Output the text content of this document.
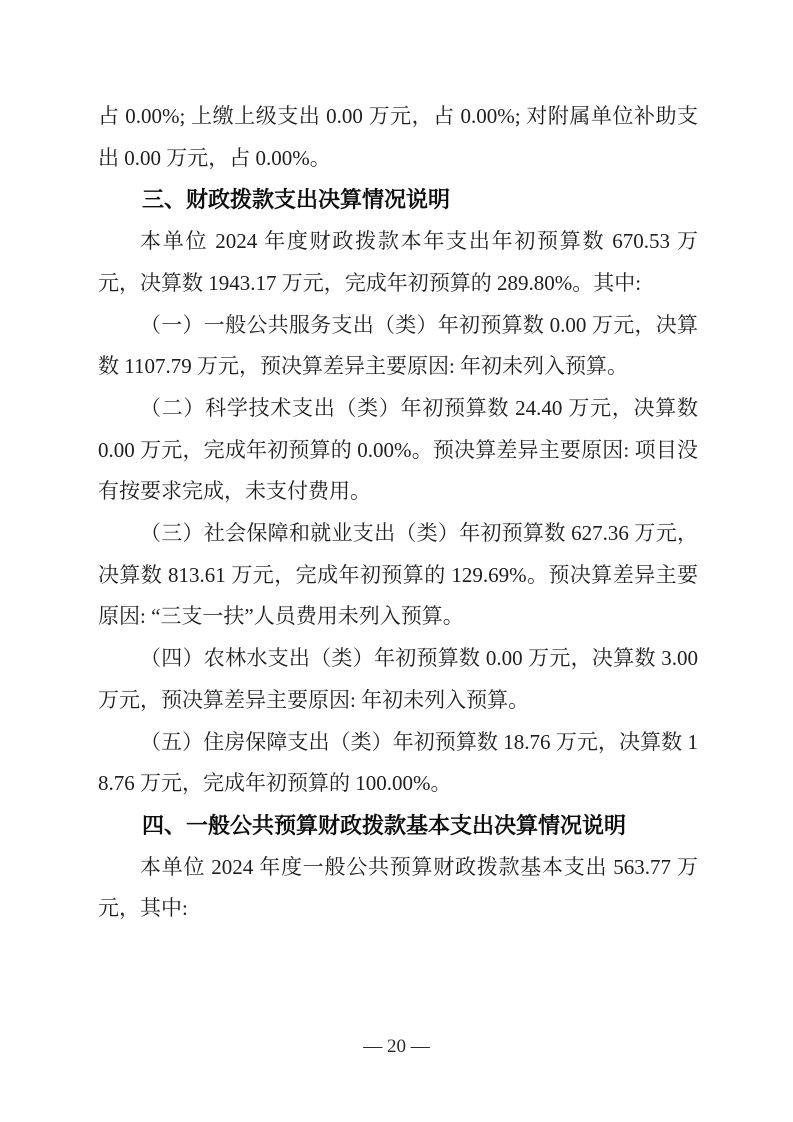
占 0.00%; 上缴上级支出 0.00 万元，占 0.00%; 对附属单位补助支出 0.00 万元，占 0.00%。

三、财政拨款支出决算情况说明

本单位 2024 年度财政拨款本年支出年初预算数 670.53 万元，决算数 1943.17 万元，完成年初预算的 289.80%。其中:

（一）一般公共服务支出（类）年初预算数 0.00 万元，决算数 1107.79 万元，预决算差异主要原因: 年初未列入预算。

（二）科学技术支出（类）年初预算数 24.40 万元，决算数 0.00 万元，完成年初预算的 0.00%。预决算差异主要原因: 项目没有按要求完成，未支付费用。

（三）社会保障和就业支出（类）年初预算数 627.36 万元，决算数 813.61 万元，完成年初预算的 129.69%。预决算差异主要原因: “三支一扶”人员费用未列入预算。

（四）农林水支出（类）年初预算数 0.00 万元，决算数 3.00 万元，预决算差异主要原因: 年初未列入预算。

（五）住房保障支出（类）年初预算数 18.76 万元，决算数 18.76 万元，完成年初预算的 100.00%。

四、一般公共预算财政拨款基本支出决算情况说明

本单位 2024 年度一般公共预算财政拨款基本支出 563.77 万元，其中:

— 20 —
